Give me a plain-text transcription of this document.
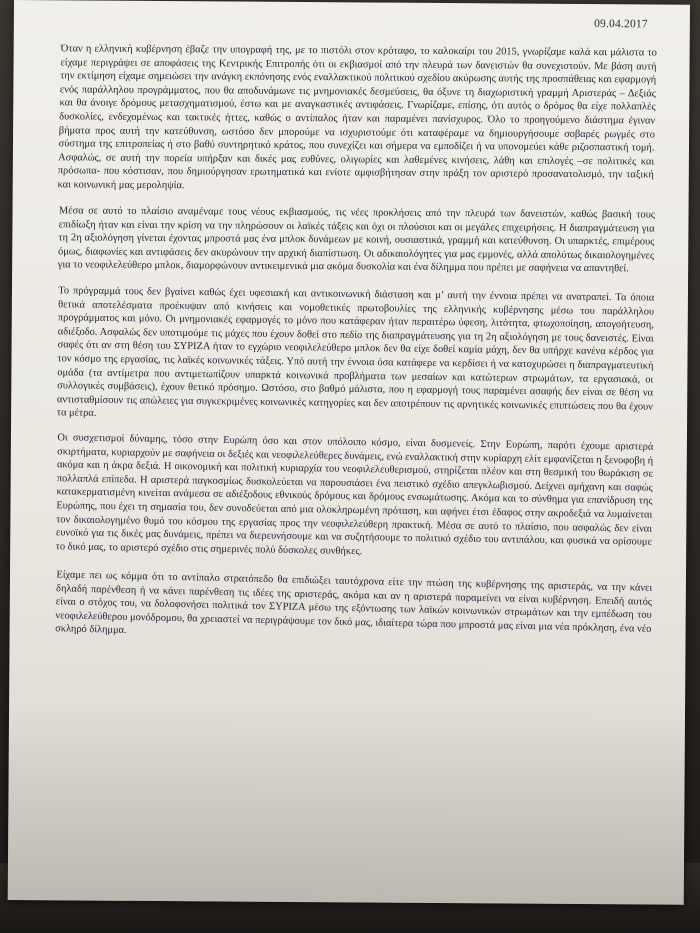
09.04.2017

Όταν η ελληνική κυβέρνηση έβαζε την υπογραφή της, με το πιστόλι στον κρόταφο, το καλοκαίρι του 2015, γνωρίζαμε καλά και μάλιστα το είχαμε περιγράψει σε αποφάσεις της Κεντρικής Επιτροπής ότι οι εκβιασμοί από την πλευρά των δανειστών θα συνεχιστούν. Με βάση αυτή την εκτίμηση είχαμε σημειώσει την ανάγκη εκπόνησης ενός εναλλακτικού πολιτικού σχεδίου ακύρωσης αυτής της προσπάθειας και εφαρμογή ενός παράλληλου προγράμματος, που θα αποδυνάμωνε τις μνημονιακές δεσμεύσεις, θα όξυνε τη διαχωριστική γραμμή Αριστεράς – Δεξιάς και θα άνοιγε δρόμους μετασχηματισμού, έστω και με αναγκαστικές αντιφάσεις. Γνωρίζαμε, επίσης, ότι αυτός ο δρόμος θα είχε πολλαπλές δυσκολίες, ενδεχομένως και τακτικές ήττες, καθώς ο αντίπαλος ήταν και παραμένει πανίσχυρος. Όλο το προηγούμενο διάστημα έγιναν βήματα προς αυτή την κατεύθυνση, ωστόσο δεν μπορούμε να ισχυριστούμε ότι καταφέραμε να δημιουργήσουμε σοβαρές ρωγμές στο σύστημα της επιτροπείας ή στο βαθύ συντηρητικό κράτος, που συνεχίζει και σήμερα να εμποδίζει ή να υπονομεύει κάθε ριζοσπαστική τομή. Ασφαλώς, σε αυτή την πορεία υπήρξαν και δικές μας ευθύνες, ολιγωρίες και λαθεμένες κινήσεις, λάθη και επιλογές –σε πολιτικές και πρόσωπα- που κόστισαν, που δημιούργησαν ερωτηματικά και ενίοτε αμφισβήτησαν στην πράξη τον αριστερό προσανατολισμό, την ταξική και κοινωνική μας μεροληψία.

Μέσα σε αυτό το πλαίσιο αναμέναμε τους νέους εκβιασμούς, τις νέες προκλήσεις από την πλευρά των δανειστών, καθώς βασική τους επιδίωξη ήταν και είναι την κρίση να την πληρώσουν οι λαϊκές τάξεις και όχι οι πλούσιοι και οι μεγάλες επιχειρήσεις. Η διαπραγμάτευση για τη 2η αξιολόγηση γίνεται έχοντας μπροστά μας ένα μπλοκ δυνάμεων με κοινή, ουσιαστικά, γραμμή και κατεύθυνση. Οι υπαρκτές, επιμέρους όμως, διαφωνίες και αντιφάσεις δεν ακυρώνουν την αρχική διαπίστωση. Οι αδικαιολόγητες για μας εμμονές, αλλά απολύτως δικαιολογημένες για το νεοφιλελεύθερο μπλοκ, διαμορφώνουν αντικειμενικά μια ακόμα δυσκολία και ένα δίλημμα που πρέπει με σαφήνεια να απαντηθεί.

Το πρόγραμμά τους δεν βγαίνει καθώς έχει υφεσιακή και αντικοινωνική διάσταση και μ’ αυτή την έννοια πρέπει να ανατραπεί. Τα όποια θετικά αποτελέσματα προέκυψαν από κινήσεις και νομοθετικές πρωτοβουλίες της ελληνικής κυβέρνησης μέσω του παράλληλου προγράμματος και μόνο. Οι μνημονιακές εφαρμογές το μόνο που κατάφεραν ήταν περαιτέρω ύφεση, λιτότητα, φτωχοποίηση, απογοήτευση, αδιέξοδο. Ασφαλώς δεν υποτιμούμε τις μάχες που έχουν δοθεί στο πεδίο της διαπραγμάτευσης για τη 2η αξιολόγηση με τους δανειστές. Είναι σαφές ότι αν στη θέση του ΣΥΡΙΖΑ ήταν το εγχώριο νεοφιλελεύθερο μπλοκ δεν θα είχε δοθεί καμία μάχη, δεν θα υπήρχε κανένα κέρδος για τον κόσμο της εργασίας, τις λαϊκές κοινωνικές τάξεις. Υπό αυτή την έννοια όσα κατάφερε να κερδίσει ή να κατοχυρώσει η διαπραγματευτική ομάδα (τα αντίμετρα που αντιμετωπίζουν υπαρκτά κοινωνικά προβλήματα των μεσαίων και κατώτερων στρωμάτων, τα εργασιακά, οι συλλογικές συμβάσεις), έχουν θετικό πρόσημο. Ωστόσο, στο βαθμό μάλιστα, που η εφαρμογή τους παραμένει ασαφής δεν είναι σε θέση να αντισταθμίσουν τις απώλειες για συγκεκριμένες κοινωνικές κατηγορίες και δεν αποτρέπουν τις αρνητικές κοινωνικές επιπτώσεις που θα έχουν τα μέτρα.

Οι συσχετισμοί δύναμης, τόσο στην Ευρώπη όσο και στον υπόλοιπο κόσμο, είναι δυσμενείς. Στην Ευρώπη, παρότι έχουμε αριστερά σκιρτήματα, κυριαρχούν με σαφήνεια οι δεξιές και νεοφιλελεύθερες δυνάμεις, ενώ εναλλακτική στην κυρίαρχη ελίτ εμφανίζεται η ξενοφοβη ή ακόμα και η άκρα δεξιά. Η οικονομική και πολιτική κυριαρχία του νεοφιλελευθερισμού, στηρίζεται πλέον και στη θεσμική του θωράκιση σε πολλαπλά επίπεδα. Η αριστερά παγκοσμίως δυσκολεύεται να παρουσιάσει ένα πειστικό σχέδιο απεγκλωβισμού. Δείχνει αμήχανη και σαφώς κατακερματισμένη κινείται ανάμεσα σε αδιέξοδους εθνικούς δρόμους και δρόμους ενσωμάτωσης. Ακόμα και το σύνθημα για επανίδρυση της Ευρώπης, που έχει τη σημασία του, δεν συνοδεύεται από μια ολοκληρωμένη πρόταση, και αφήνει έτσι έδαφος στην ακροδεξιά να λυμαίνεται τον δικαιολογημένο θυμό του κόσμου της εργασίας προς την νεοφιλελεύθερη πρακτική. Μέσα σε αυτό το πλαίσιο, που ασφαλώς δεν είναι ευνοϊκό για τις δικές μας δυνάμεις, πρέπει να διερευνήσουμε και να συζητήσουμε το πολιτικό σχέδιο του αντιπάλου, και φυσικά να ορίσουμε το δικό μας, το αριστερό σχέδιο στις σημερινές πολύ δύσκολες συνθήκες.

Είχαμε πει ως κόμμα ότι το αντίπαλο στρατόπεδο θα επιδιώξει ταυτόχρονα είτε την πτώση της κυβέρνησης της αριστεράς, να την κάνει δηλαδή παρένθεση ή να κάνει παρένθεση τις ιδέες της αριστεράς, ακόμα και αν η αριστερά παραμείνει να είναι κυβέρνηση. Επειδή αυτός είναι ο στόχος του, να δολοφονήσει πολιτικά τον ΣΥΡΙΖΑ μέσω της εξόντωσης των λαϊκών κοινωνικών στρωμάτων και την εμπέδωση του νεοφιλελεύθερου μονόδρομου, θα χρειαστεί να περιγράψουμε τον δικό μας, ιδιαίτερα τώρα που μπροστά μας είναι μια νέα πρόκληση, ένα νέο σκληρό δίλημμα.
